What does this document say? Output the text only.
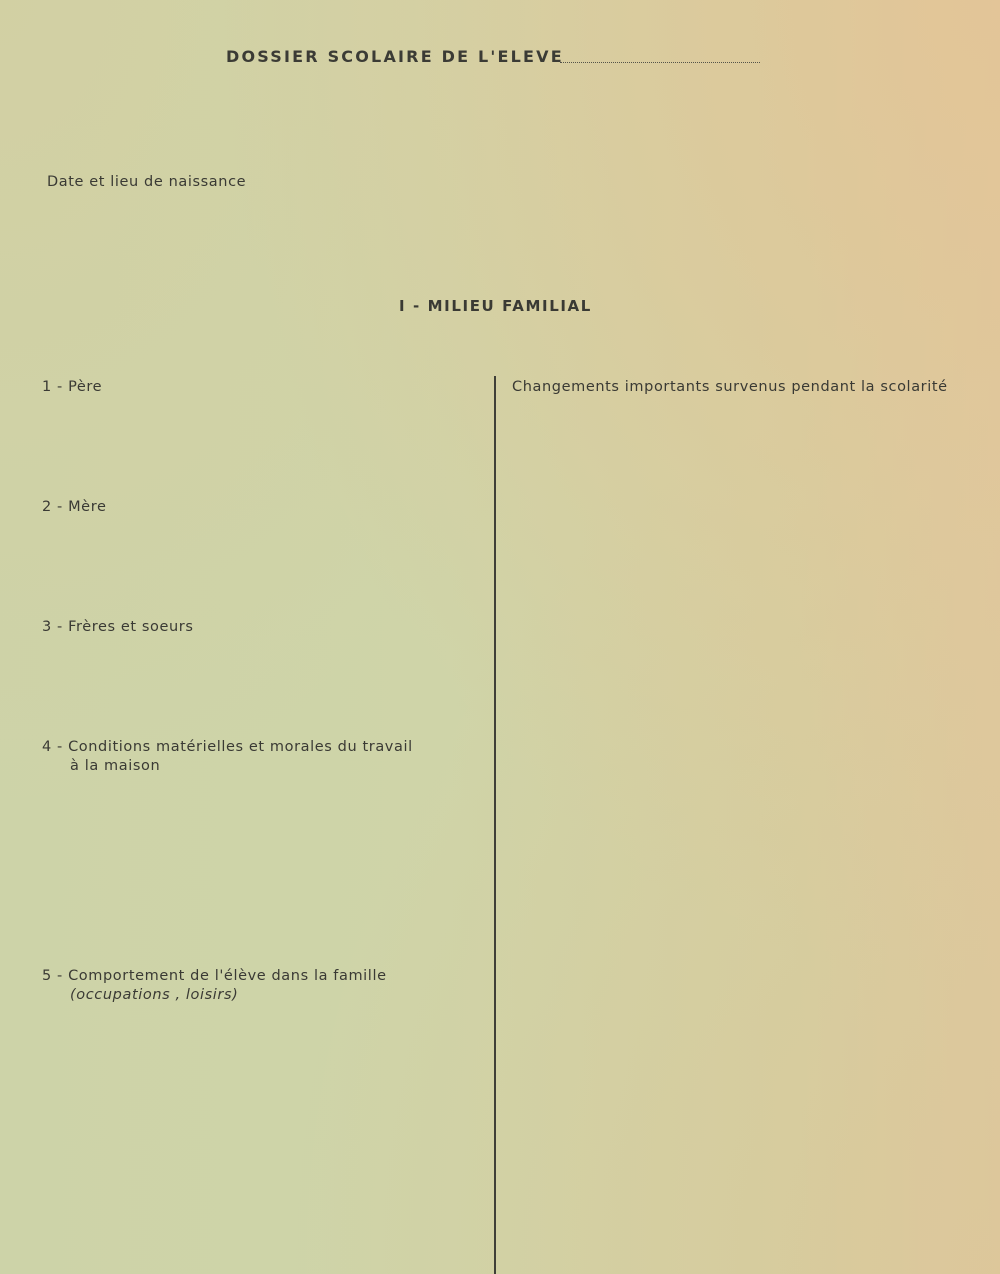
DOSSIER SCOLAIRE DE L'ELEVE
Date et lieu de naissance
I - MILIEU FAMILIAL
1 - Père
2 - Mère
3 - Frères et soeurs
4 - Conditions matérielles et morales du travail
à la maison
5 - Comportement de l'élève dans la famille
(occupations , loisirs)
Changements importants survenus pendant la scolarité
